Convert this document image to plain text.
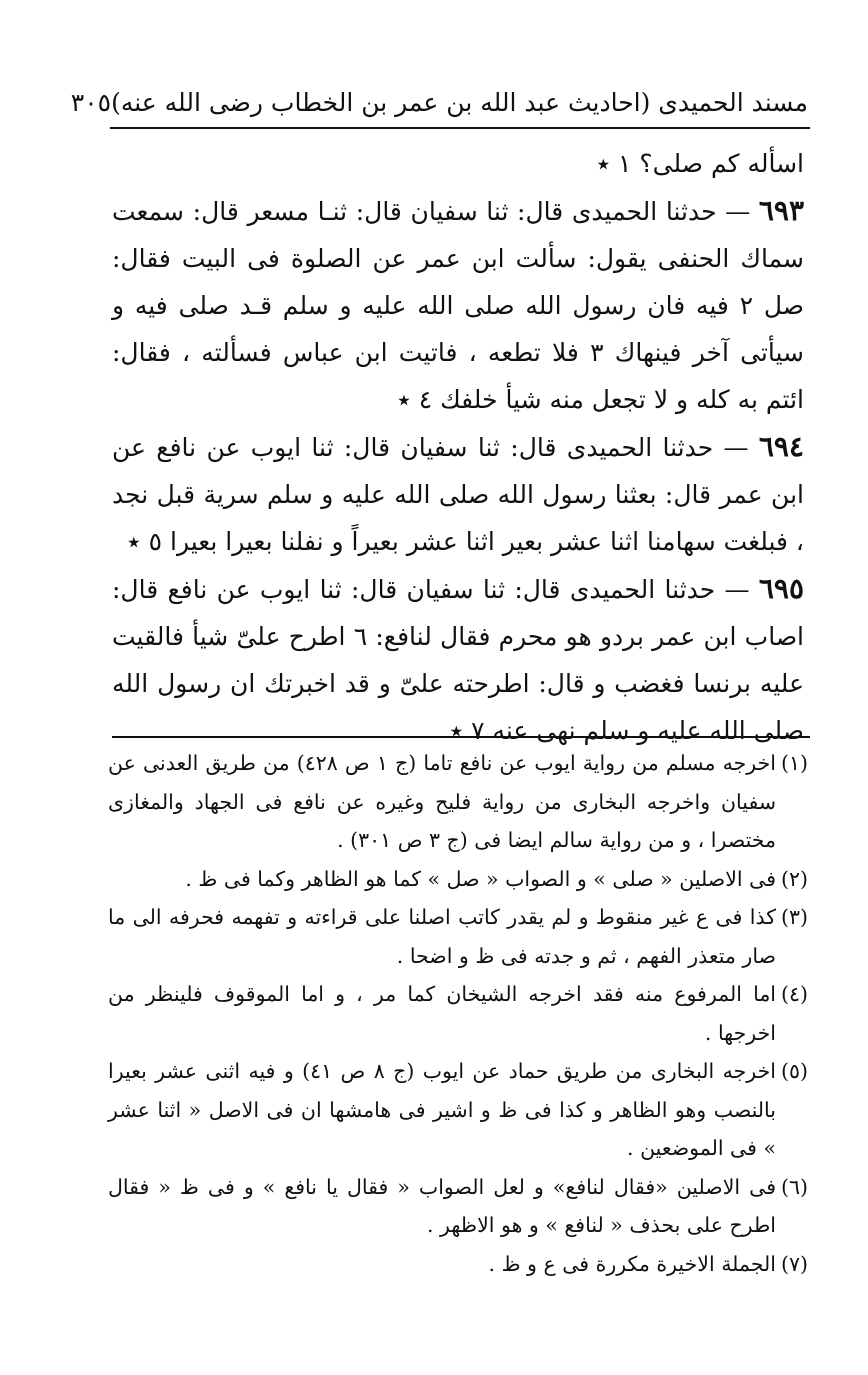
مسند الحميدى (احاديث عبد الله بن عمر بن الخطاب رضى الله عنه)
٣٠٥

اسأله كم صلى؟ ١ ٭

٦٩٣ — حدثنا الحميدى قال: ثنا سفيان قال: ثنـا مسعر قال: سمعت سماك الحنفى يقول: سألت ابن عمر عن الصلوة فى البيت فقال: صل ٢ فيه فان رسول الله صلى الله عليه و سلم قـد صلى فيه و سيأتى آخر فينهاك ٣ فلا تطعه ، فاتيت ابن عباس فسألته ، فقال: ائتم به كله و لا تجعل منه شيأ خلفك ٤ ٭

٦٩٤ — حدثنا الحميدى قال: ثنا سفيان قال: ثنا ايوب عن نافع عن ابن عمر قال: بعثنا رسول الله صلى الله عليه و سلم سرية قبل نجد ، فبلغت سهامنا اثنا عشر بعير اثنا عشر بعيراً و نفلنا بعيرا بعيرا ٥ ٭

٦٩٥ — حدثنا الحميدى قال: ثنا سفيان قال: ثنا ايوب عن نافع قال: اصاب ابن عمر بردو هو محرم فقال لنافع: ٦ اطرح علىّ شيأ فالقيت عليه برنسا فغضب و قال: اطرحته علىّ و قد اخبرتك ان رسول الله صلى الله عليه و سلم نهى عنه ٧ ٭

(١)اخرجه مسلم من رواية ايوب عن نافع تاما (ج ١ ص ٤٢٨) من طريق العدنى عن سفيان واخرجه البخارى من رواية فليح وغيره عن نافع فى الجهاد والمغازى مختصرا ، و من رواية سالم ايضا فى (ج ٣ ص ٣٠١) .

(٢)فى الاصلين « صلى » و الصواب « صل » كما هو الظاهر وكما فى ظ .

(٣)كذا فى ع غير منقوط و لم يقدر كاتب اصلنا على قراءته و تفهمه فحرفه الى ما صار متعذر الفهم ، ثم و جدته فى ظ و اضحا .

(٤)اما المرفوع منه فقد اخرجه الشيخان كما مر ، و اما الموقوف فلينظر من اخرجها .

(٥)اخرجه البخارى من طريق حماد عن ايوب (ج ٨ ص ٤١) و فيه اثنى عشر بعيرا بالنصب وهو الظاهر و كذا فى ظ و اشير فى هامشها ان فى الاصل « اثنا عشر » فى الموضعين .

(٦)فى الاصلين «فقال لنافع» و لعل الصواب « فقال يا نافع » و فى ظ « فقال اطرح على بحذف « لنافع » و هو الاظهر .

(٧)الجملة الاخيرة مكررة فى ع و ظ .
